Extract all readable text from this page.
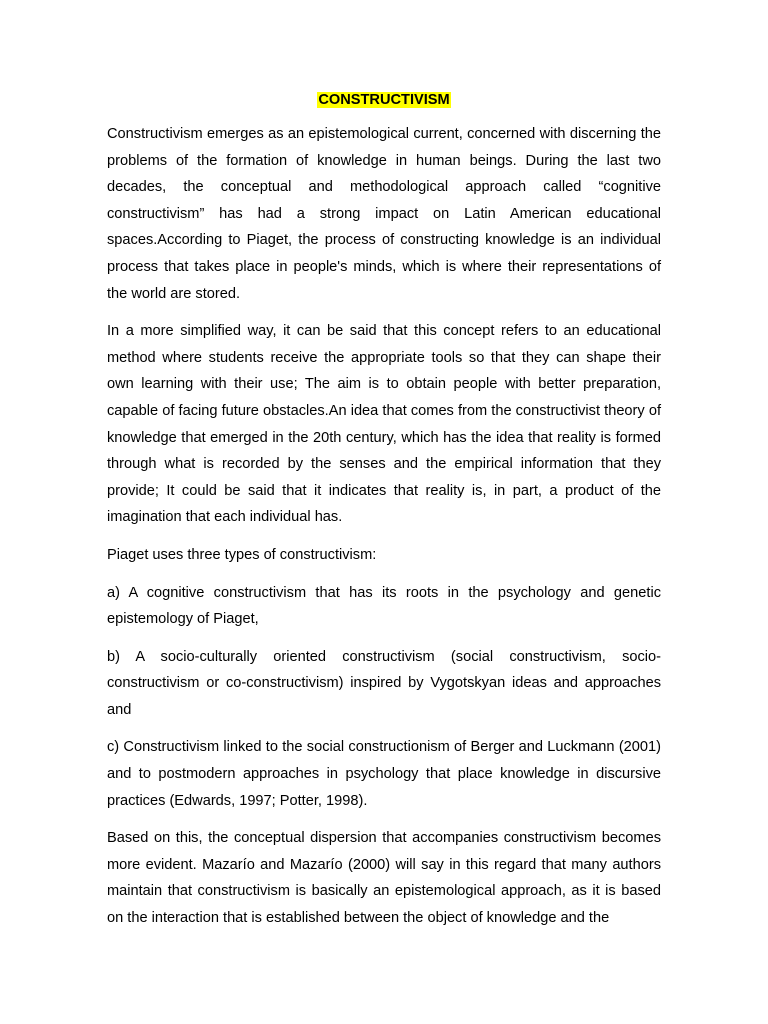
CONSTRUCTIVISM

Constructivism emerges as an epistemological current, concerned with discerning the problems of the formation of knowledge in human beings. During the last two decades, the conceptual and methodological approach called “cognitive constructivism” has had a strong impact on Latin American educational spaces.According to Piaget, the process of constructing knowledge is an individual process that takes place in people's minds, which is where their representations of the world are stored.

In a more simplified way, it can be said that this concept refers to an educational method where students receive the appropriate tools so that they can shape their own learning with their use; The aim is to obtain people with better preparation, capable of facing future obstacles.An idea that comes from the constructivist theory of knowledge that emerged in the 20th century, which has the idea that reality is formed through what is recorded by the senses and the empirical information that they provide; It could be said that it indicates that reality is, in part, a product of the imagination that each individual has.

Piaget uses three types of constructivism:

a) A cognitive constructivism that has its roots in the psychology and genetic epistemology of Piaget,

b) A socio-culturally oriented constructivism (social constructivism, socio-constructivism or co-constructivism) inspired by Vygotskyan ideas and approaches and

c) Constructivism linked to the social constructionism of Berger and Luckmann (2001) and to postmodern approaches in psychology that place knowledge in discursive practices (Edwards, 1997; Potter, 1998).

Based on this, the conceptual dispersion that accompanies constructivism becomes more evident. Mazarío and Mazarío (2000) will say in this regard that many authors maintain that constructivism is basically an epistemological approach, as it is based on the interaction that is established between the object of knowledge and the
